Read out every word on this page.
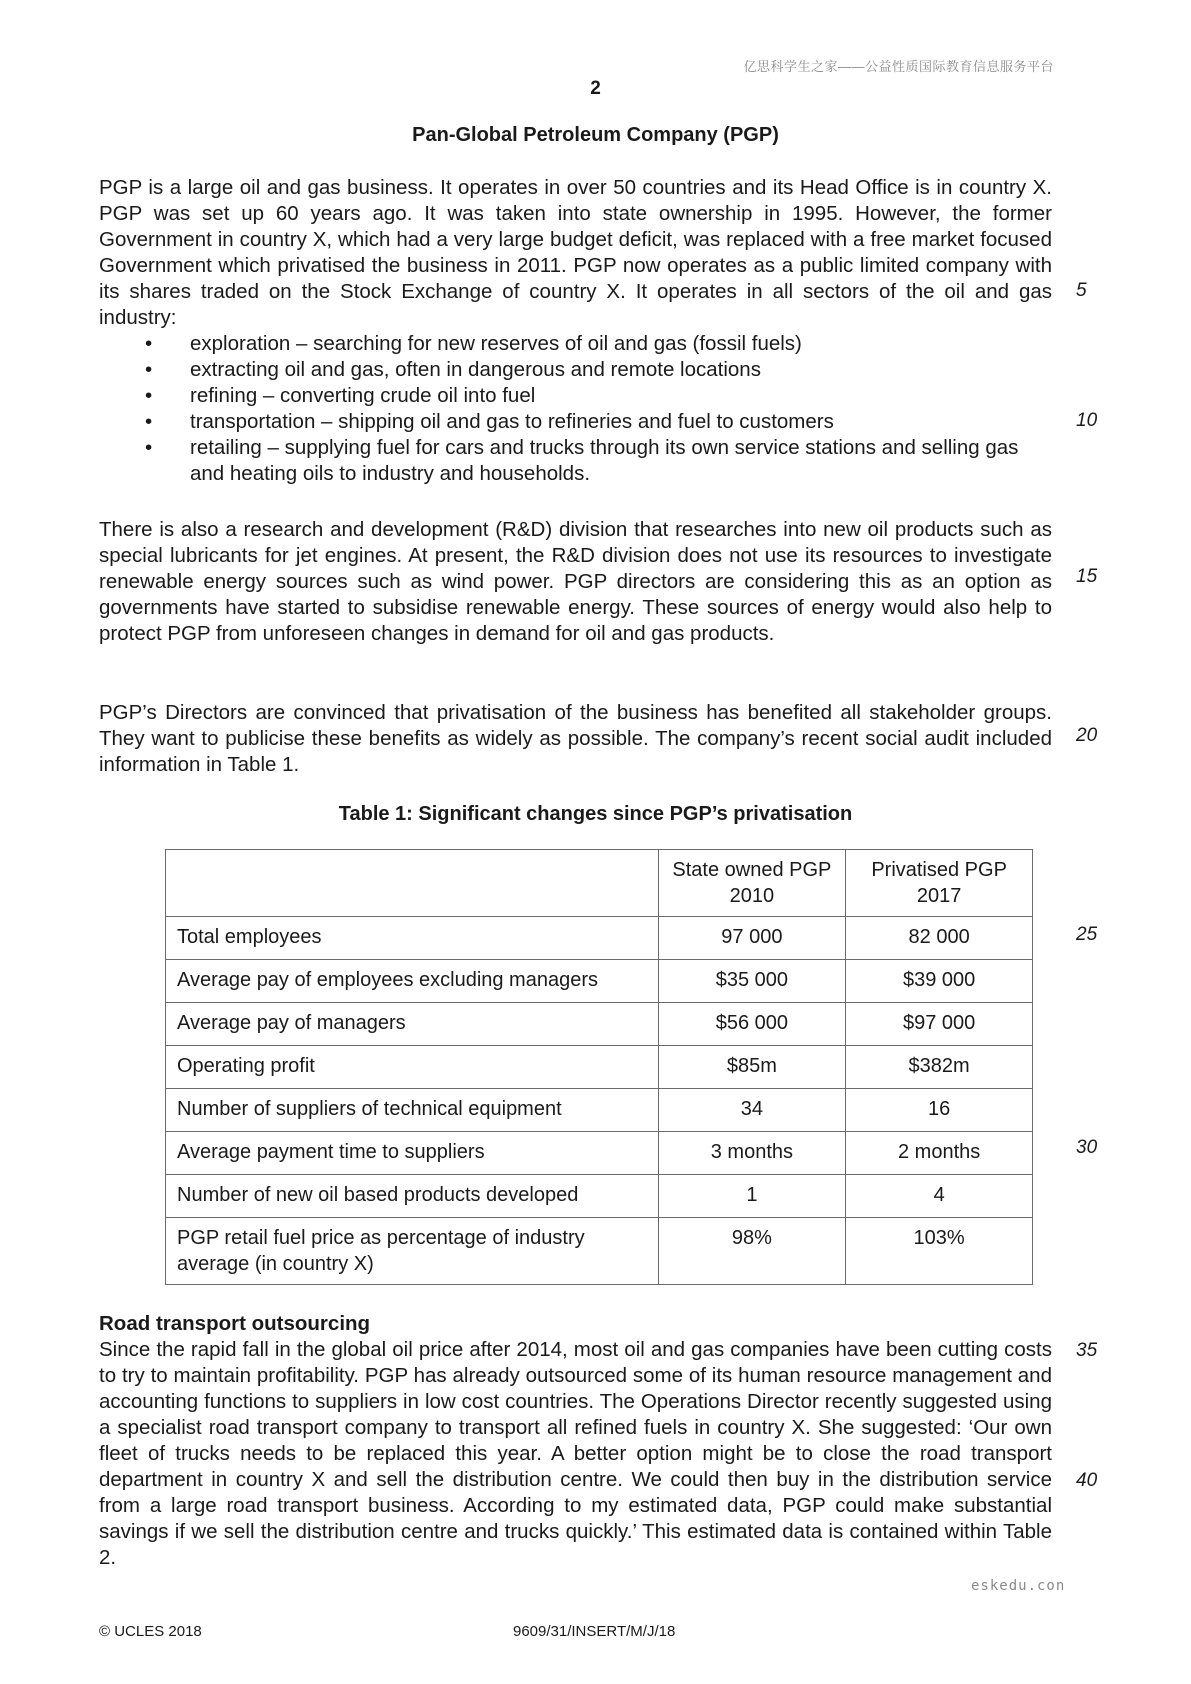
亿思科学生之家——公益性质国际教育信息服务平台
2
Pan-Global Petroleum Company (PGP)
PGP is a large oil and gas business. It operates in over 50 countries and its Head Office is in country X. PGP was set up 60 years ago. It was taken into state ownership in 1995. However, the former Government in country X, which had a very large budget deficit, was replaced with a free market focused Government which privatised the business in 2011. PGP now operates as a public limited company with its shares traded on the Stock Exchange of country X. It operates in all sectors of the oil and gas industry:
• exploration – searching for new reserves of oil and gas (fossil fuels)
• extracting oil and gas, often in dangerous and remote locations
• refining – converting crude oil into fuel
• transportation – shipping oil and gas to refineries and fuel to customers
• retailing – supplying fuel for cars and trucks through its own service stations and selling gas and heating oils to industry and households.
There is also a research and development (R&D) division that researches into new oil products such as special lubricants for jet engines. At present, the R&D division does not use its resources to investigate renewable energy sources such as wind power. PGP directors are considering this as an option as governments have started to subsidise renewable energy. These sources of energy would also help to protect PGP from unforeseen changes in demand for oil and gas products.
PGP’s Directors are convinced that privatisation of the business has benefited all stakeholder groups. They want to publicise these benefits as widely as possible. The company’s recent social audit included information in Table 1.
Table 1: Significant changes since PGP’s privatisation
	State owned PGP 2010	Privatised PGP 2017
Total employees	97 000	82 000
Average pay of employees excluding managers	$35 000	$39 000
Average pay of managers	$56 000	$97 000
Operating profit	$85m	$382m
Number of suppliers of technical equipment	34	16
Average payment time to suppliers	3 months	2 months
Number of new oil based products developed	1	4
PGP retail fuel price as percentage of industry average (in country X)	98%	103%
Road transport outsourcing
Since the rapid fall in the global oil price after 2014, most oil and gas companies have been cutting costs to try to maintain profitability. PGP has already outsourced some of its human resource management and accounting functions to suppliers in low cost countries. The Operations Director recently suggested using a specialist road transport company to transport all refined fuels in country X. She suggested: ‘Our own fleet of trucks needs to be replaced this year. A better option might be to close the road transport department in country X and sell the distribution centre. We could then buy in the distribution service from a large road transport business. According to my estimated data, PGP could make substantial savings if we sell the distribution centre and trucks quickly.’ This estimated data is contained within Table 2.
5
10
15
20
25
30
35
40
eskedu.con
© UCLES 2018	9609/31/INSERT/M/J/18
